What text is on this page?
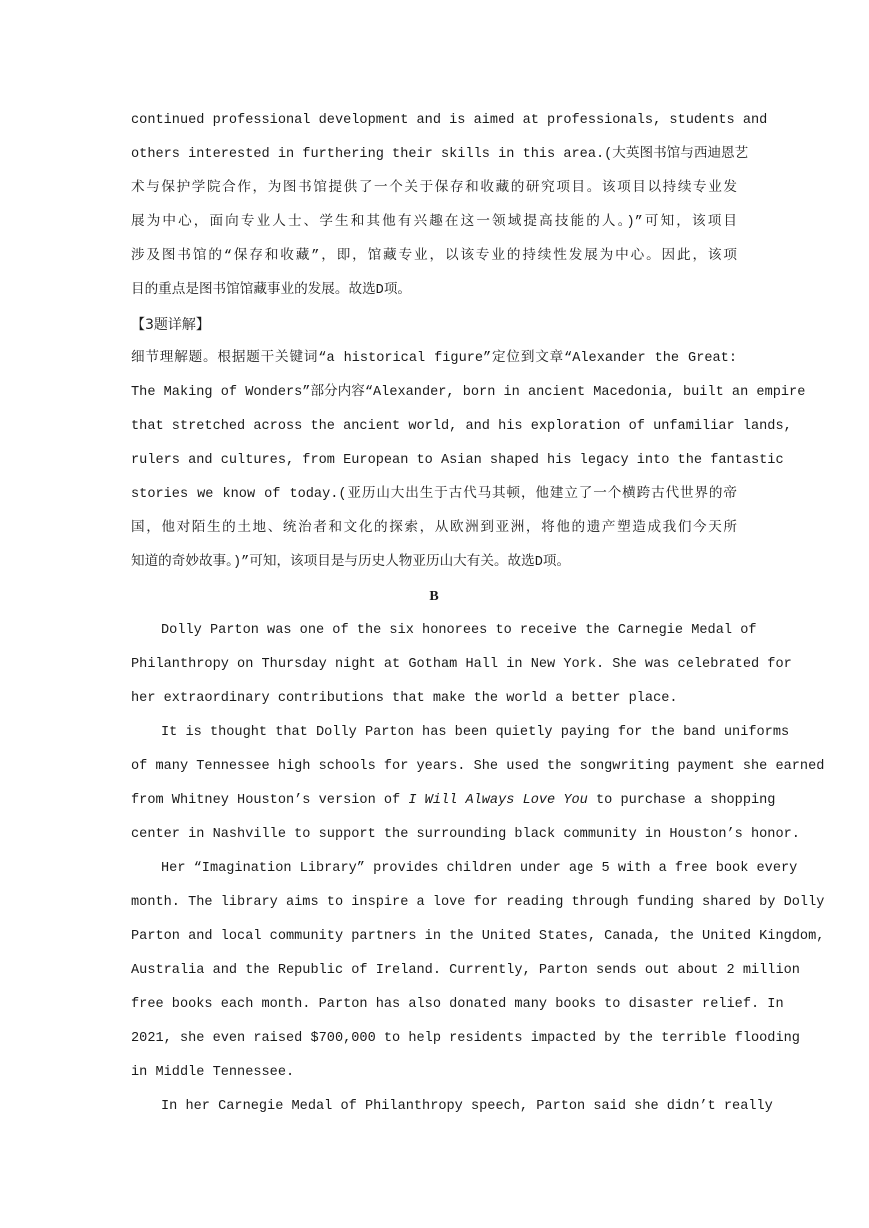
continued professional development and is aimed at professionals, students and
others interested in furthering their skills in this area.(大英图书馆与西迪恩艺
术与保护学院合作，为图书馆提供了一个关于保存和收藏的研究项目。该项目以持续专业发
展为中心，面向专业人士、学生和其他有兴趣在这一领域提高技能的人。)”可知，该项目
涉及图书馆的“保存和收藏”，即，馆藏专业，以该专业的持续性发展为中心。因此，该项
目的重点是图书馆馆藏事业的发展。故选D项。
【3题详解】
细节理解题。根据题干关键词“a historical figure”定位到文章“Alexander the Great:
The Making of Wonders”部分内容“Alexander, born in ancient Macedonia, built an empire
that stretched across the ancient world, and his exploration of unfamiliar lands,
rulers and cultures, from European to Asian shaped his legacy into the fantastic
stories we know of today.(亚历山大出生于古代马其顿，他建立了一个横跨古代世界的帝
国，他对陌生的土地、统治者和文化的探索，从欧洲到亚洲，将他的遗产塑造成我们今天所
知道的奇妙故事。)”可知，该项目是与历史人物亚历山大有关。故选D项。
B
Dolly Parton was one of the six honorees to receive the Carnegie Medal of
Philanthropy on Thursday night at Gotham Hall in New York. She was celebrated for
her extraordinary contributions that make the world a better place.
It is thought that Dolly Parton has been quietly paying for the band uniforms
of many Tennessee high schools for years. She used the songwriting payment she earned
from Whitney Houston’s version of I Will Always Love You to purchase a shopping
center in Nashville to support the surrounding black community in Houston’s honor.
Her “Imagination Library” provides children under age 5 with a free book every
month. The library aims to inspire a love for reading through funding shared by Dolly
Parton and local community partners in the United States, Canada, the United Kingdom,
Australia and the Republic of Ireland. Currently, Parton sends out about 2 million
free books each month. Parton has also donated many books to disaster relief. In
2021, she even raised $700,000 to help residents impacted by the terrible flooding
in Middle Tennessee.
In her Carnegie Medal of Philanthropy speech, Parton said she didn’t really
